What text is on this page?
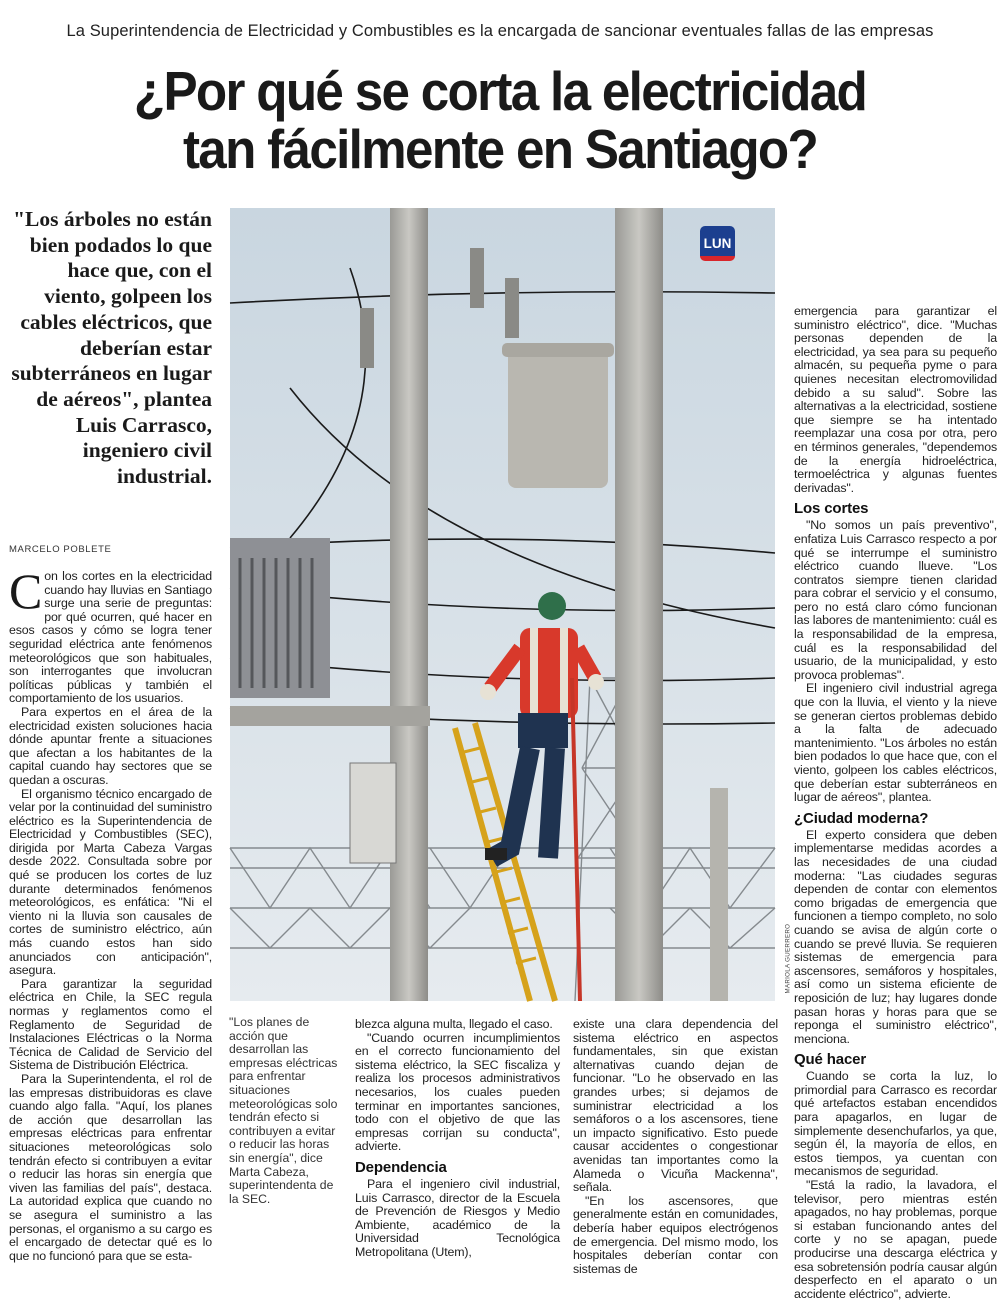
La Superintendencia de Electricidad y Combustibles es la encargada de sancionar eventuales fallas de las empresas
¿Por qué se corta la electricidad
tan fácilmente en Santiago?
"Los árboles no están bien podados lo que hace que, con el viento, golpeen los cables eléctricos, que deberían estar subterráneos en lugar de aéreos", plantea Luis Carrasco, ingeniero civil industrial.
MARCELO POBLETE

Con los cortes en la electricidad cuando hay lluvias en Santiago surge una serie de preguntas: por qué ocurren, qué hacer en esos casos y cómo se logra tener seguridad eléctrica ante fenómenos meteorológicos que son habituales, son interrogantes que involucran políticas públicas y también el comportamiento de los usuarios.

Para expertos en el área de la electricidad existen soluciones hacia dónde apuntar frente a situaciones que afectan a los habitantes de la capital cuando hay sectores que se quedan a oscuras.

El organismo técnico encargado de velar por la continuidad del suministro eléctrico es la Superintendencia de Electricidad y Combustibles (SEC), dirigida por Marta Cabeza Vargas desde 2022. Consultada sobre por qué se producen los cortes de luz durante determinados fenómenos meteorológicos, es enfática: "Ni el viento ni la lluvia son causales de cortes de suministro eléctrico, aún más cuando estos han sido anunciados con anticipación", asegura.

Para garantizar la seguridad eléctrica en Chile, la SEC regula normas y reglamentos como el Reglamento de Seguridad de Instalaciones Eléctricas o la Norma Técnica de Calidad de Servicio del Sistema de Distribución Eléctrica.

Para la Superintendenta, el rol de las empresas distribuidoras es clave cuando algo falla. "Aquí, los planes de acción que desarrollan las empresas eléctricas para enfrentar situaciones meteorológicas solo tendrán efecto si contribuyen a evitar o reducir las horas sin energía que viven las familias del país", destaca. La autoridad explica que cuando no se asegura el suministro a las personas, el organismo a su cargo es el encargado de detectar qué es lo que no funcionó para que se esta-

LUN
MARIOLA GUERRERO
"Los planes de acción que desarrollan las empresas eléctricas para enfrentar situaciones meteorológicas solo tendrán efecto si contribuyen a evitar o reducir las horas sin energía", dice Marta Cabeza, superintendenta de la SEC.

blezca alguna multa, llegado el caso.

"Cuando ocurren incumplimientos en el correcto funcionamiento del sistema eléctrico, la SEC fiscaliza y realiza los procesos administrativos necesarios, los cuales pueden terminar en importantes sanciones, todo con el objetivo de que las empresas corrijan su conducta", advierte.

Dependencia

Para el ingeniero civil industrial, Luis Carrasco, director de la Escuela de Prevención de Riesgos y Medio Ambiente, académico de la Universidad Tecnológica Metropolitana (Utem),

existe una clara dependencia del sistema eléctrico en aspectos fundamentales, sin que existan alternativas cuando dejan de funcionar. "Lo he observado en las grandes urbes; si dejamos de suministrar electricidad a los semáforos o a los ascensores, tiene un impacto significativo. Esto puede causar accidentes o congestionar avenidas tan importantes como la Alameda o Vicuña Mackenna", señala.

"En los ascensores, que generalmente están en comunidades, debería haber equipos electrógenos de emergencia. Del mismo modo, los hospitales deberían contar con sistemas de

emergencia para garantizar el suministro eléctrico", dice. "Muchas personas dependen de la electricidad, ya sea para su pequeño almacén, su pequeña pyme o para quienes necesitan electromovilidad debido a su salud". Sobre las alternativas a la electricidad, sostiene que siempre se ha intentado reemplazar una cosa por otra, pero en términos generales, "dependemos de la energía hidroeléctrica, termoeléctrica y algunas fuentes derivadas".

Los cortes

"No somos un país preventivo", enfatiza Luis Carrasco respecto a por qué se interrumpe el suministro eléctrico cuando llueve. "Los contratos siempre tienen claridad para cobrar el servicio y el consumo, pero no está claro cómo funcionan las labores de mantenimiento: cuál es la responsabilidad de la empresa, cuál es la responsabilidad del usuario, de la municipalidad, y esto provoca problemas".

El ingeniero civil industrial agrega que con la lluvia, el viento y la nieve se generan ciertos problemas debido a la falta de adecuado mantenimiento. "Los árboles no están bien podados lo que hace que, con el viento, golpeen los cables eléctricos, que deberían estar subterráneos en lugar de aéreos", plantea.

¿Ciudad moderna?

El experto considera que deben implementarse medidas acordes a las necesidades de una ciudad moderna: "Las ciudades seguras dependen de contar con elementos como brigadas de emergencia que funcionen a tiempo completo, no solo cuando se avisa de algún corte o cuando se prevé lluvia. Se requieren sistemas de emergencia para ascensores, semáforos y hospitales, así como un sistema eficiente de reposición de luz; hay lugares donde pasan horas y horas para que se reponga el suministro eléctrico", menciona.

Qué hacer

Cuando se corta la luz, lo primordial para Carrasco es recordar qué artefactos estaban encendidos para apagarlos, en lugar de simplemente desenchufarlos, ya que, según él, la mayoría de ellos, en estos tiempos, ya cuentan con mecanismos de seguridad.

"Está la radio, la lavadora, el televisor, pero mientras estén apagados, no hay problemas, porque si estaban funcionando antes del corte y no se apagan, puede producirse una descarga eléctrica y esa sobretensión podría causar algún desperfecto en el aparato o un accidente eléctrico", advierte.
